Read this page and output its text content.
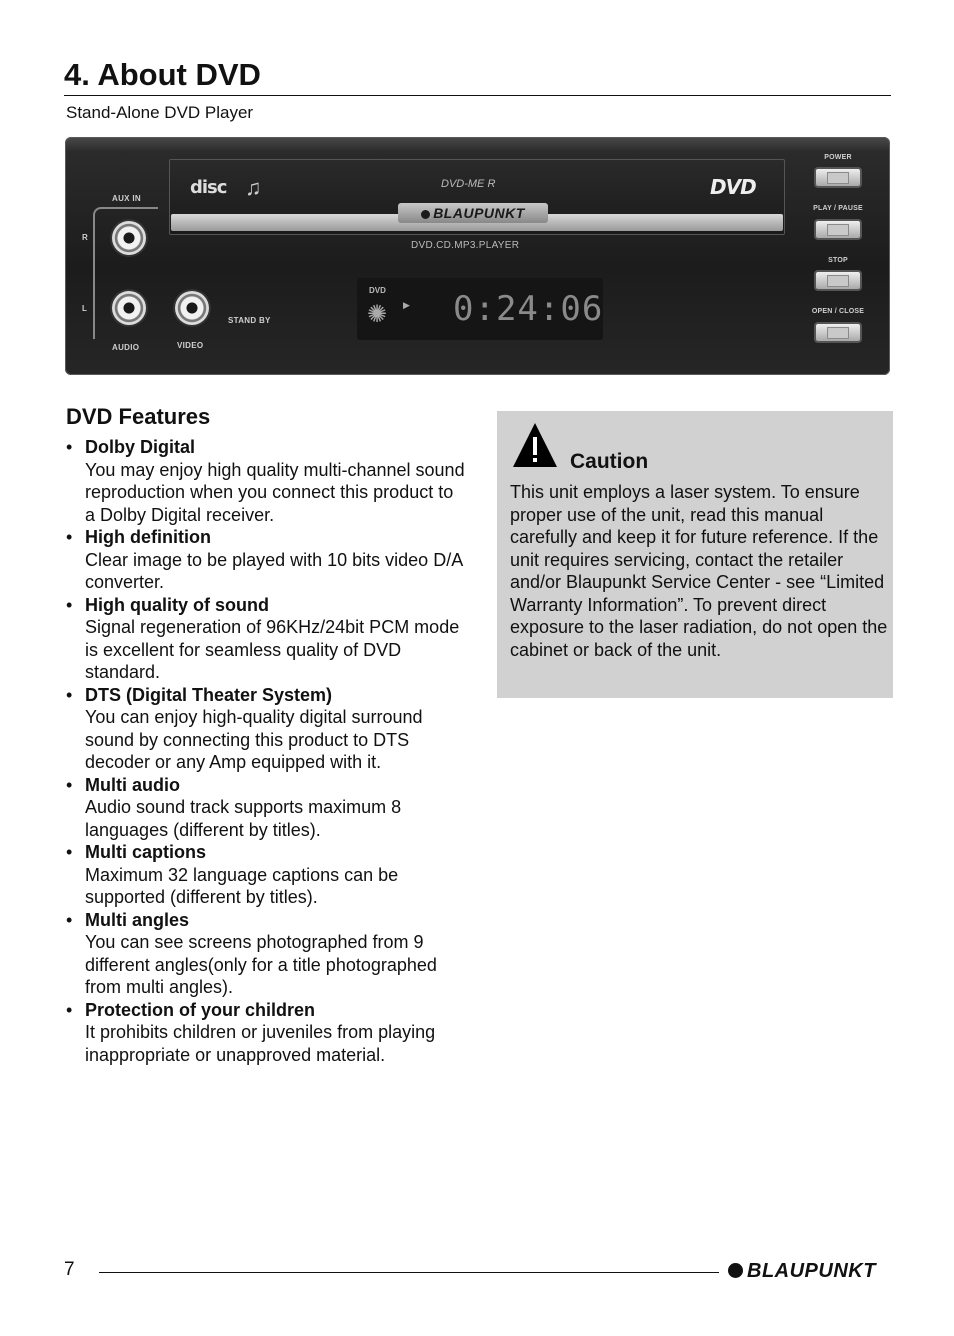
4. About DVD
Stand-Alone DVD Player
disc ♫	DVD-ME R	DVD
BLAUPUNKT
DVD.CD.MP3.PLAYER
AUX IN
R
L
AUDIO	VIDEO
STAND BY
DVD
✺ ▶ 0:24:06
POWER
PLAY / PAUSE
STOP
OPEN / CLOSE
DVD Features
• Dolby Digital
You may enjoy high quality multi-channel sound reproduction when you connect this product to a Dolby Digital receiver.
• High definition
Clear image to be played with 10 bits video D/A converter.
• High quality of sound
Signal regeneration of 96KHz/24bit PCM mode is excellent for seamless quality of DVD standard.
• DTS (Digital Theater System)
You can enjoy high-quality digital surround sound by connecting this product to DTS decoder or any Amp equipped with it.
• Multi audio
Audio sound track supports maximum 8 languages (different by titles).
• Multi captions
Maximum 32 language captions can be supported (different by titles).
• Multi angles
You can see screens photographed from 9 different angles(only for a title photographed from multi angles).
• Protection of your children
It prohibits children or juveniles from playing inappropriate or unapproved material.
Caution
This unit employs a laser system. To ensure proper use of the unit, read this manual carefully and keep it for future reference. If the unit requires servicing, contact the retailer and/or Blaupunkt Service Center - see “Limited Warranty Information”. To prevent direct exposure to the laser radiation, do not open the cabinet or back of the unit.
7	BLAUPUNKT
